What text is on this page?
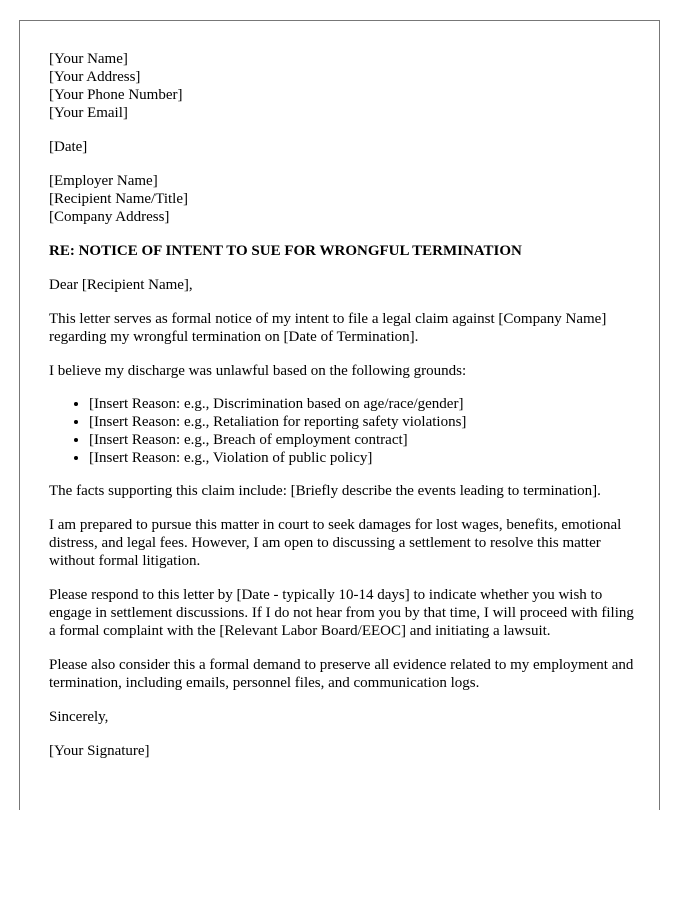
[Your Name]
[Your Address]
[Your Phone Number]
[Your Email]

[Date]

[Employer Name]
[Recipient Name/Title]
[Company Address]

RE: NOTICE OF INTENT TO SUE FOR WRONGFUL TERMINATION

Dear [Recipient Name],

This letter serves as formal notice of my intent to file a legal claim against [Company Name] regarding my wrongful termination on [Date of Termination].

I believe my discharge was unlawful based on the following grounds:

• [Insert Reason: e.g., Discrimination based on age/race/gender]
• [Insert Reason: e.g., Retaliation for reporting safety violations]
• [Insert Reason: e.g., Breach of employment contract]
• [Insert Reason: e.g., Violation of public policy]

The facts supporting this claim include: [Briefly describe the events leading to termination].

I am prepared to pursue this matter in court to seek damages for lost wages, benefits, emotional distress, and legal fees. However, I am open to discussing a settlement to resolve this matter without formal litigation.

Please respond to this letter by [Date - typically 10-14 days] to indicate whether you wish to engage in settlement discussions. If I do not hear from you by that time, I will proceed with filing a formal complaint with the [Relevant Labor Board/EEOC] and initiating a lawsuit.

Please also consider this a formal demand to preserve all evidence related to my employment and termination, including emails, personnel files, and communication logs.

Sincerely,

[Your Signature]
